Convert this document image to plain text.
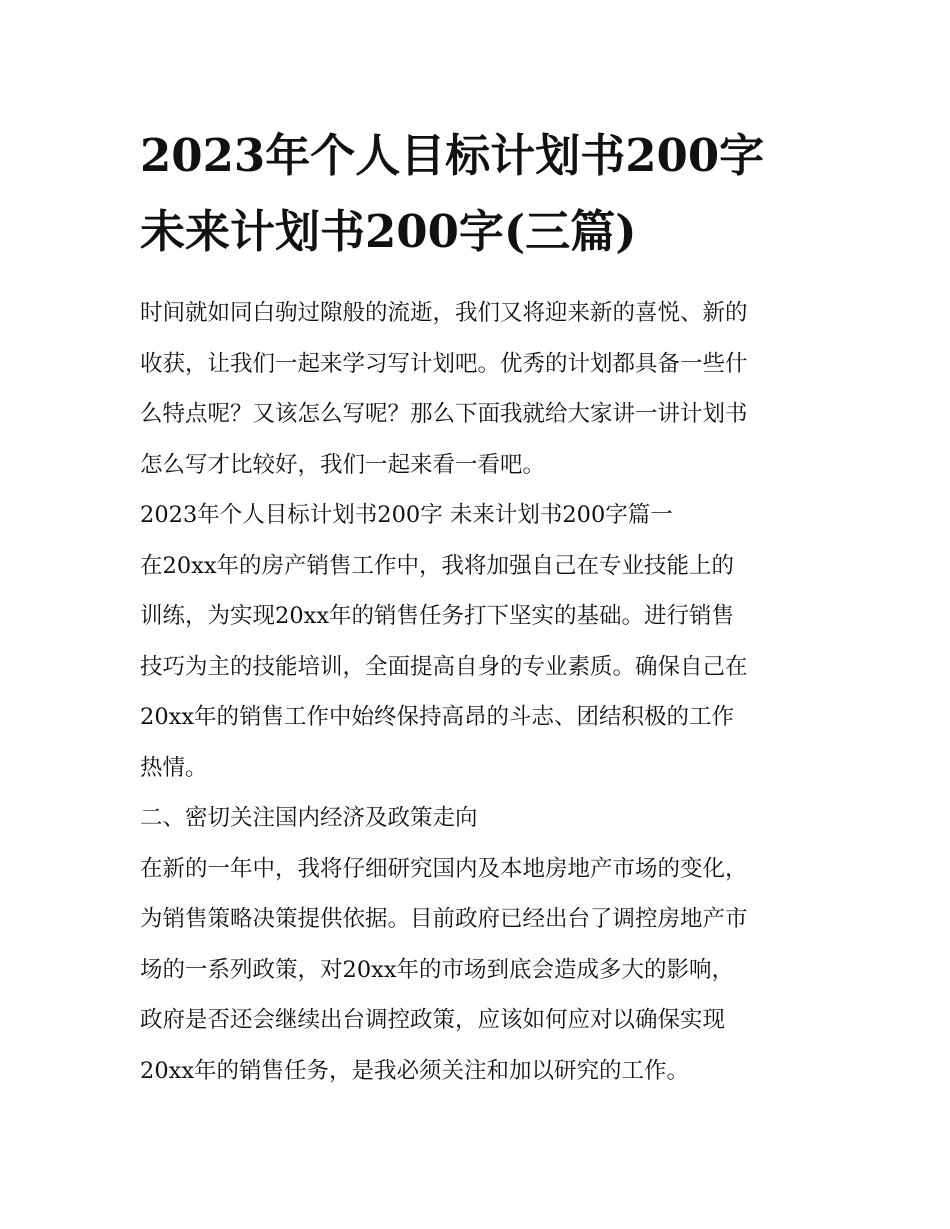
2023年个人目标计划书200字
未来计划书200字(三篇)

时间就如同白驹过隙般的流逝，我们又将迎来新的喜悦、新的
收获，让我们一起来学习写计划吧。优秀的计划都具备一些什
么特点呢？又该怎么写呢？那么下面我就给大家讲一讲计划书
怎么写才比较好，我们一起来看一看吧。

2023年个人目标计划书200字 未来计划书200字篇一

在20xx年的房产销售工作中，我将加强自己在专业技能上的
训练，为实现20xx年的销售任务打下坚实的基础。进行销售
技巧为主的技能培训，全面提高自身的专业素质。确保自己在
20xx年的销售工作中始终保持高昂的斗志、团结积极的工作
热情。

二、密切关注国内经济及政策走向

在新的一年中，我将仔细研究国内及本地房地产市场的变化，
为销售策略决策提供依据。目前政府已经出台了调控房地产市
场的一系列政策，对20xx年的市场到底会造成多大的影响，
政府是否还会继续出台调控政策，应该如何应对以确保实现
20xx年的销售任务，是我必须关注和加以研究的工作。
